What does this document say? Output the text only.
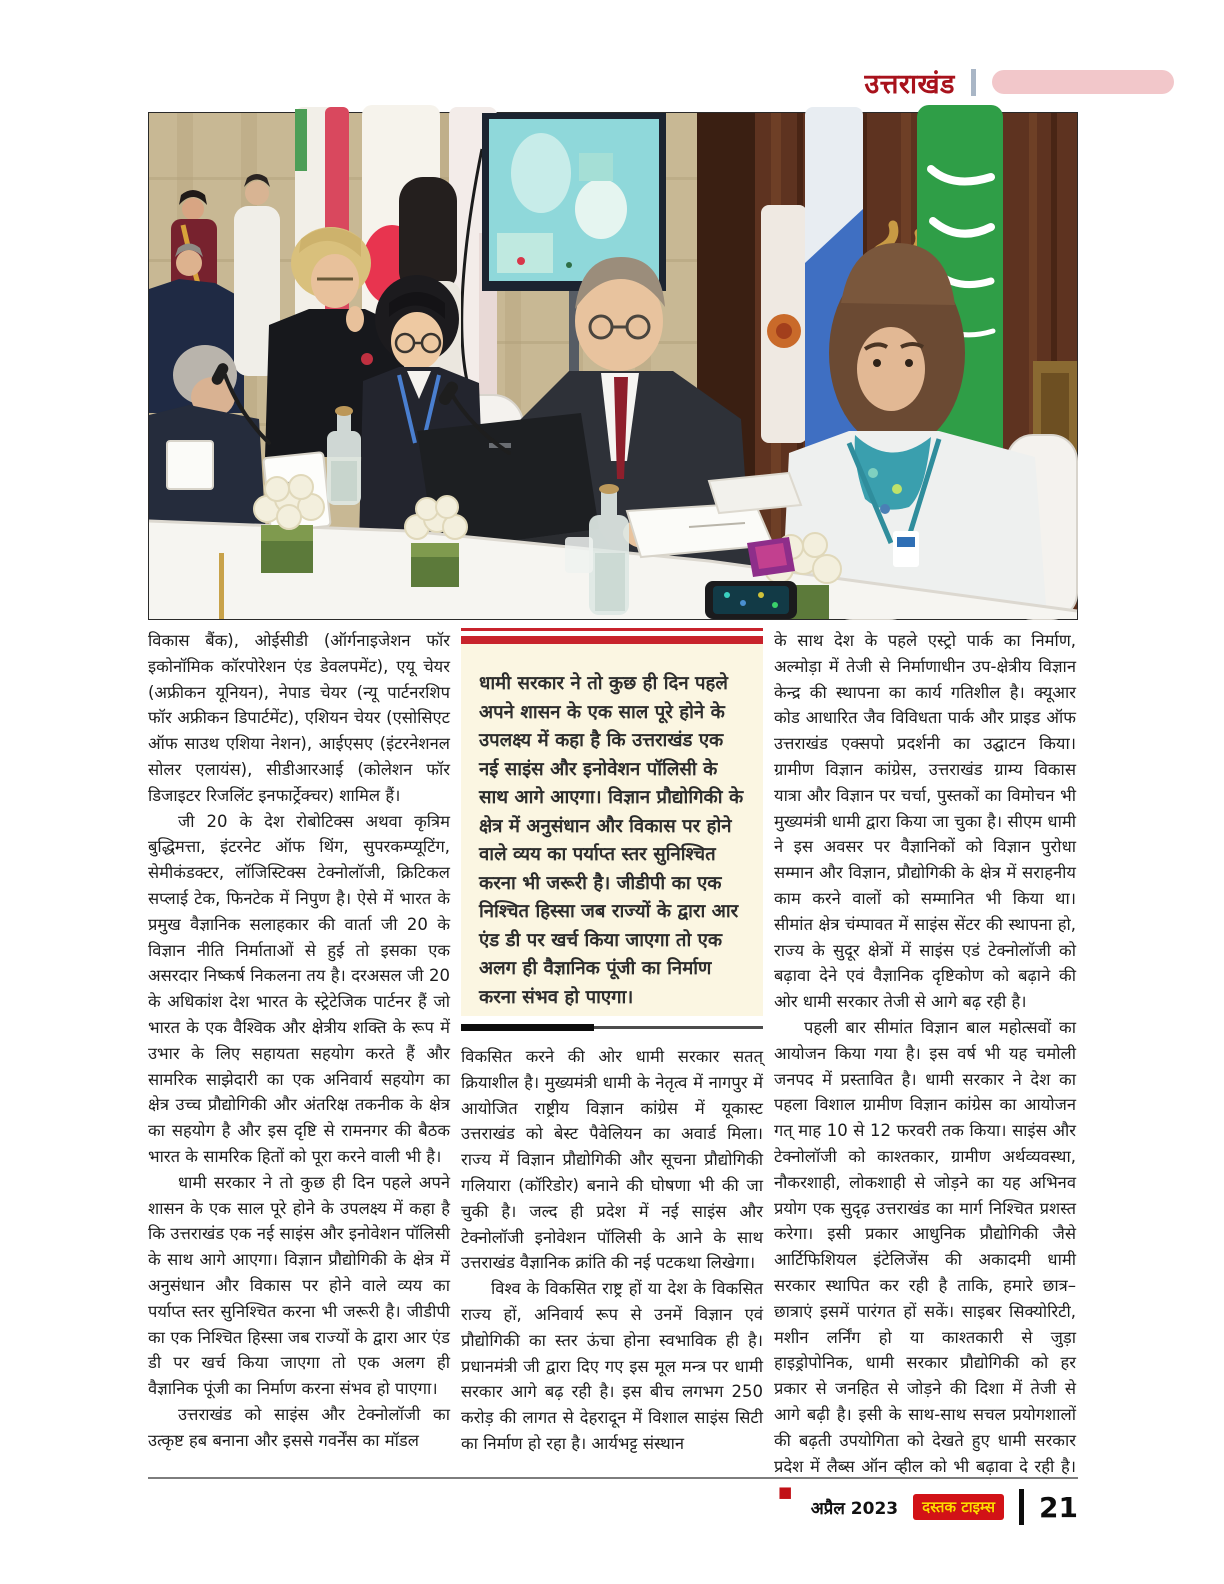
उत्तराखंड

विकास बैंक), ओईसीडी (ऑर्गनाइजेशन फॉर इकोनॉमिक कॉरपोरेशन एंड डेवलपमेंट), एयू चेयर (अफ्रीकन यूनियन), नेपाड चेयर (न्यू पार्टनरशिप फॉर अफ्रीकन डिपार्टमेंट), एशियन चेयर (एसोसिएट ऑफ साउथ एशिया नेशन), आईएसए (इंटरनेशनल सोलर एलायंस), सीडीआरआई (कोलेशन फॉर डिजाइटर रिजलिंट इनफार्ट्रेक्चर) शामिल हैं।

जी 20 के देश रोबोटिक्स अथवा कृत्रिम बुद्धिमत्ता, इंटरनेट ऑफ थिंग, सुपरकम्प्यूटिंग, सेमीकंडक्टर, लॉजिस्टिक्स टेक्नोलॉजी, क्रिटिकल सप्लाई टेक, फिनटेक में निपुण है। ऐसे में भारत के प्रमुख वैज्ञानिक सलाहकार की वार्ता जी 20 के विज्ञान नीति निर्माताओं से हुई तो इसका एक असरदार निष्कर्ष निकलना तय है। दरअसल जी 20 के अधिकांश देश भारत के स्ट्रेटेजिक पार्टनर हैं जो भारत के एक वैश्विक और क्षेत्रीय शक्ति के रूप में उभार के लिए सहायता सहयोग करते हैं और सामरिक साझेदारी का एक अनिवार्य सहयोग का क्षेत्र उच्च प्रौद्योगिकी और अंतरिक्ष तकनीक के क्षेत्र का सहयोग है और इस दृष्टि से रामनगर की बैठक भारत के सामरिक हितों को पूरा करने वाली भी है।

धामी सरकार ने तो कुछ ही दिन पहले अपने शासन के एक साल पूरे होने के उपलक्ष्य में कहा है कि उत्तराखंड एक नई साइंस और इनोवेशन पॉलिसी के साथ आगे आएगा। विज्ञान प्रौद्योगिकी के क्षेत्र में अनुसंधान और विकास पर होने वाले व्यय का पर्याप्त स्तर सुनिश्चित करना भी जरूरी है। जीडीपी का एक निश्चित हिस्सा जब राज्यों के द्वारा आर एंड डी पर खर्च किया जाएगा तो एक अलग ही वैज्ञानिक पूंजी का निर्माण करना संभव हो पाएगा।

उत्तराखंड को साइंस और टेक्नोलॉजी का उत्कृष्ट हब बनाना और इससे गवर्नेंस का मॉडल

धामी सरकार ने तो कुछ ही दिन पहले अपने शासन के एक साल पूरे होने के उपलक्ष्य में कहा है कि उत्तराखंड एक नई साइंस और इनोवेशन पॉलिसी के साथ आगे आएगा। विज्ञान प्रौद्योगिकी के क्षेत्र में अनुसंधान और विकास पर होने वाले व्यय का पर्याप्त स्तर सुनिश्चित करना भी जरूरी है। जीडीपी का एक निश्चित हिस्सा जब राज्यों के द्वारा आर एंड डी पर खर्च किया जाएगा तो एक अलग ही वैज्ञानिक पूंजी का निर्माण करना संभव हो पाएगा।

विकसित करने की ओर धामी सरकार सतत् क्रियाशील है। मुख्यमंत्री धामी के नेतृत्व में नागपुर में आयोजित राष्ट्रीय विज्ञान कांग्रेस में यूकास्ट उत्तराखंड को बेस्ट पैवेलियन का अवार्ड मिला। राज्य में विज्ञान प्रौद्योगिकी और सूचना प्रौद्योगिकी गलियारा (कॉरिडोर) बनाने की घोषणा भी की जा चुकी है। जल्द ही प्रदेश में नई साइंस और टेक्नोलॉजी इनोवेशन पॉलिसी के आने के साथ उत्तराखंड वैज्ञानिक क्रांति की नई पटकथा लिखेगा।

विश्व के विकसित राष्ट्र हों या देश के विकसित राज्य हों, अनिवार्य रूप से उनमें विज्ञान एवं प्रौद्योगिकी का स्तर ऊंचा होना स्वभाविक ही है। प्रधानमंत्री जी द्वारा दिए गए इस मूल मन्त्र पर धामी सरकार आगे बढ़ रही है। इस बीच लगभग 250 करोड़ की लागत से देहरादून में विशाल साइंस सिटी का निर्माण हो रहा है। आर्यभट्ट संस्थान

के साथ देश के पहले एस्ट्रो पार्क का निर्माण, अल्मोड़ा में तेजी से निर्माणाधीन उप-क्षेत्रीय विज्ञान केन्द्र की स्थापना का कार्य गतिशील है। क्यूआर कोड आधारित जैव विविधता पार्क और प्राइड ऑफ उत्तराखंड एक्सपो प्रदर्शनी का उद्घाटन किया। ग्रामीण विज्ञान कांग्रेस, उत्तराखंड ग्राम्य विकास यात्रा और विज्ञान पर चर्चा, पुस्तकों का विमोचन भी मुख्यमंत्री धामी द्वारा किया जा चुका है। सीएम धामी ने इस अवसर पर वैज्ञानिकों को विज्ञान पुरोधा सम्मान और विज्ञान, प्रौद्योगिकी के क्षेत्र में सराहनीय काम करने वालों को सम्मानित भी किया था। सीमांत क्षेत्र चंम्पावत में साइंस सेंटर की स्थापना हो, राज्य के सुदूर क्षेत्रों में साइंस एडं टेक्नोलॉजी को बढ़ावा देने एवं वैज्ञानिक दृष्टिकोण को बढ़ाने की ओर धामी सरकार तेजी से आगे बढ़ रही है।

पहली बार सीमांत विज्ञान बाल महोत्सवों का आयोजन किया गया है। इस वर्ष भी यह चमोली जनपद में प्रस्तावित है। धामी सरकार ने देश का पहला विशाल ग्रामीण विज्ञान कांग्रेस का आयोजन गत् माह 10 से 12 फरवरी तक किया। साइंस और टेक्नोलॉजी को काश्तकार, ग्रामीण अर्थव्यवस्था, नौकरशाही, लोकशाही से जोड़ने का यह अभिनव प्रयोग एक सुदृढ़ उत्तराखंड का मार्ग निश्चित प्रशस्त करेगा। इसी प्रकार आधुनिक प्रौद्योगिकी जैसे आर्टिफिशियल इंटेलिजेंस की अकादमी धामी सरकार स्थापित कर रही है ताकि, हमारे छात्र–छात्राएं इसमें पारंगत हों सकें। साइबर सिक्योरिटी, मशीन लर्निंग हो या काश्तकारी से जुड़ा हाइड्रोपोनिक, धामी सरकार प्रौद्योगिकी को हर प्रकार से जनहित से जोड़ने की दिशा में तेजी से आगे बढ़ी है। इसी के साथ-साथ सचल प्रयोगशालों की बढ़ती उपयोगिता को देखते हुए धामी सरकार प्रदेश में लैब्स ऑन व्हील को भी बढ़ावा दे रही है।■

अप्रैल 2023	दस्तक टाइम्स	21
